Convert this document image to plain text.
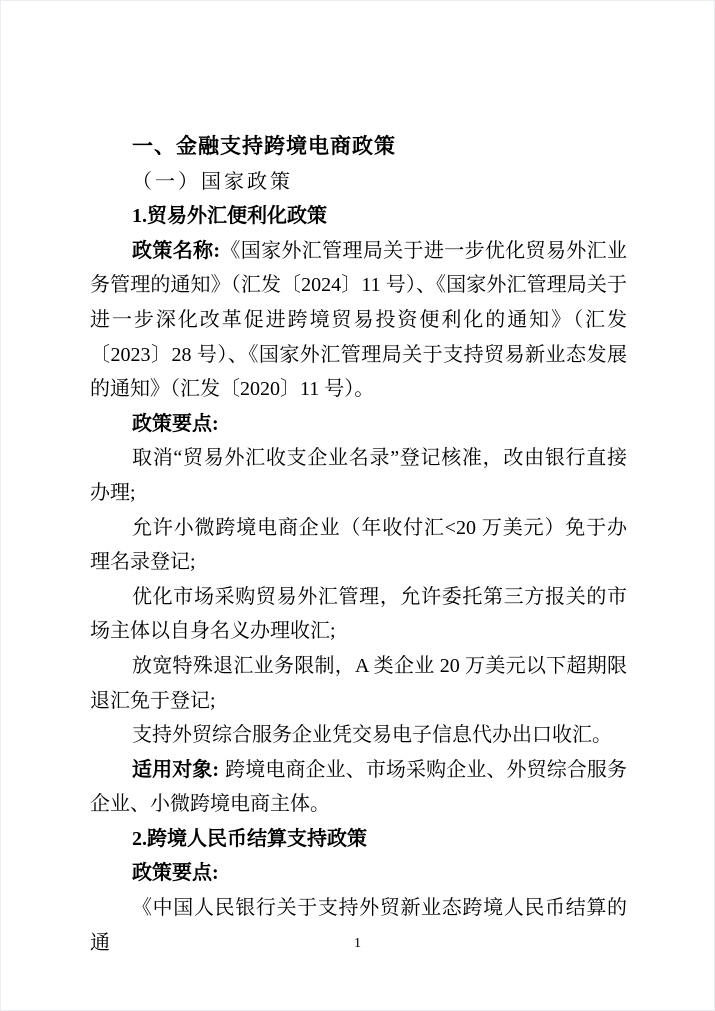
一、金融支持跨境电商政策
（一）国家政策
1.贸易外汇便利化政策

政策名称:《国家外汇管理局关于进一步优化贸易外汇业务管理的通知》（汇发〔2024〕11 号）、《国家外汇管理局关于进一步深化改革促进跨境贸易投资便利化的通知》（汇发〔2023〕28 号）、《国家外汇管理局关于支持贸易新业态发展的通知》（汇发〔2020〕11 号）。

政策要点:

取消“贸易外汇收支企业名录”登记核准，改由银行直接办理;

允许小微跨境电商企业（年收付汇<20 万美元）免于办理名录登记;

优化市场采购贸易外汇管理，允许委托第三方报关的市场主体以自身名义办理收汇;

放宽特殊退汇业务限制，A 类企业 20 万美元以下超期限退汇免于登记;

支持外贸综合服务企业凭交易电子信息代办出口收汇。

适用对象: 跨境电商企业、市场采购企业、外贸综合服务企业、小微跨境电商主体。

2.跨境人民币结算支持政策

政策要点:

《中国人民银行关于支持外贸新业态跨境人民币结算的通	1
